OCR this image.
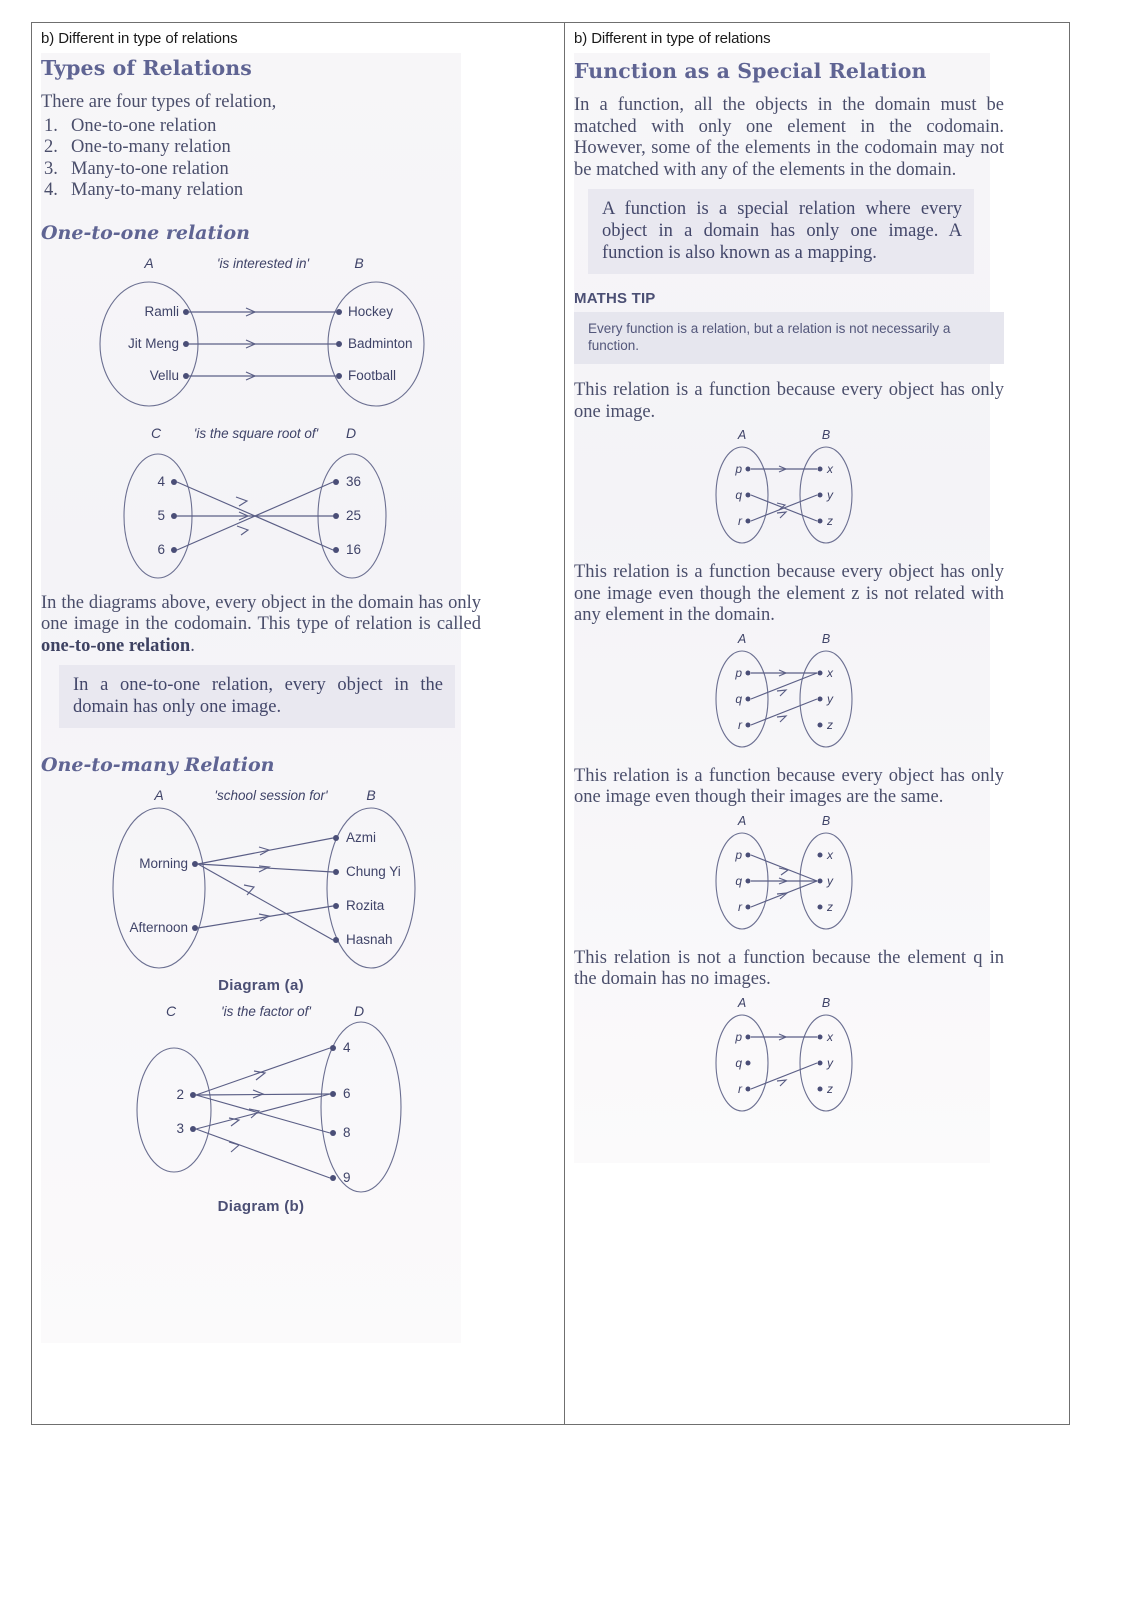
b) Different in type of relations
Types of Relations

There are four types of relation,

1. One-to-one relation
2. One-to-many relation
3. Many-to-one relation
4. Many-to-many relation
One-to-one relation
A	'is interested in'	B
Ramli
Jit Meng
Vellu
Hockey
Badminton
Football
C 'is the square root of' D
4
5
6
36
25
16

In the diagrams above, every object in the domain has only one image in the codomain. This type of relation is called one-to-one relation.

In a one-to-one relation, every object in the domain has only one image.
One-to-many Relation
A	'school session for'	B
Morning
Afternoon
Azmi
Chung Yi
Rozita
Hasnah

Diagram (a)

C	'is the factor of'	D
2
3
4
6
8
9

Diagram (b)

b) Different in type of relations
Function as a Special Relation

In a function, all the objects in the domain must be matched with only one element in the codomain. However, some of the elements in the codomain may not be matched with any of the elements in the domain.

A function is a special relation where every object in a domain has only one image. A function is also known as a mapping.
MATHS TIP
Every function is a relation, but a relation is not necessarily a function.

This relation is a function because every object has only one image.

A	B
p
q
r
x
y
z

This relation is a function because every object has only one image even though the element z is not related with any element in the domain.

A	B
p
q
r
x
y
z

This relation is a function because every object has only one image even though their images are the same.

A	B
p
q
r
x
y
z

This relation is not a function because the element q in the domain has no images.

A	B
p
q
r
x
y
z
